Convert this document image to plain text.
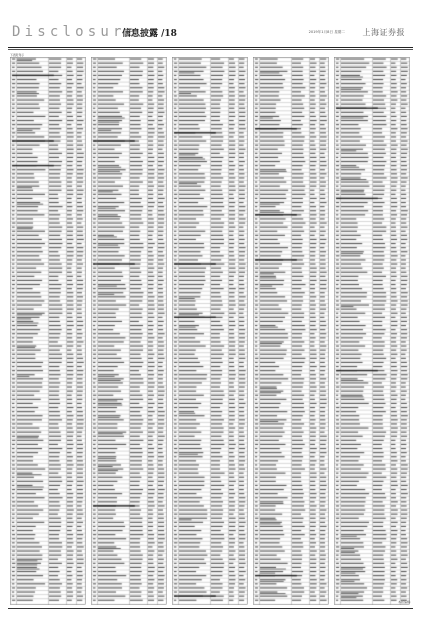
Disclosure
信息披露 /18	2019年1月8日 星期二 上海证券报
下表附列示
本版编辑:
